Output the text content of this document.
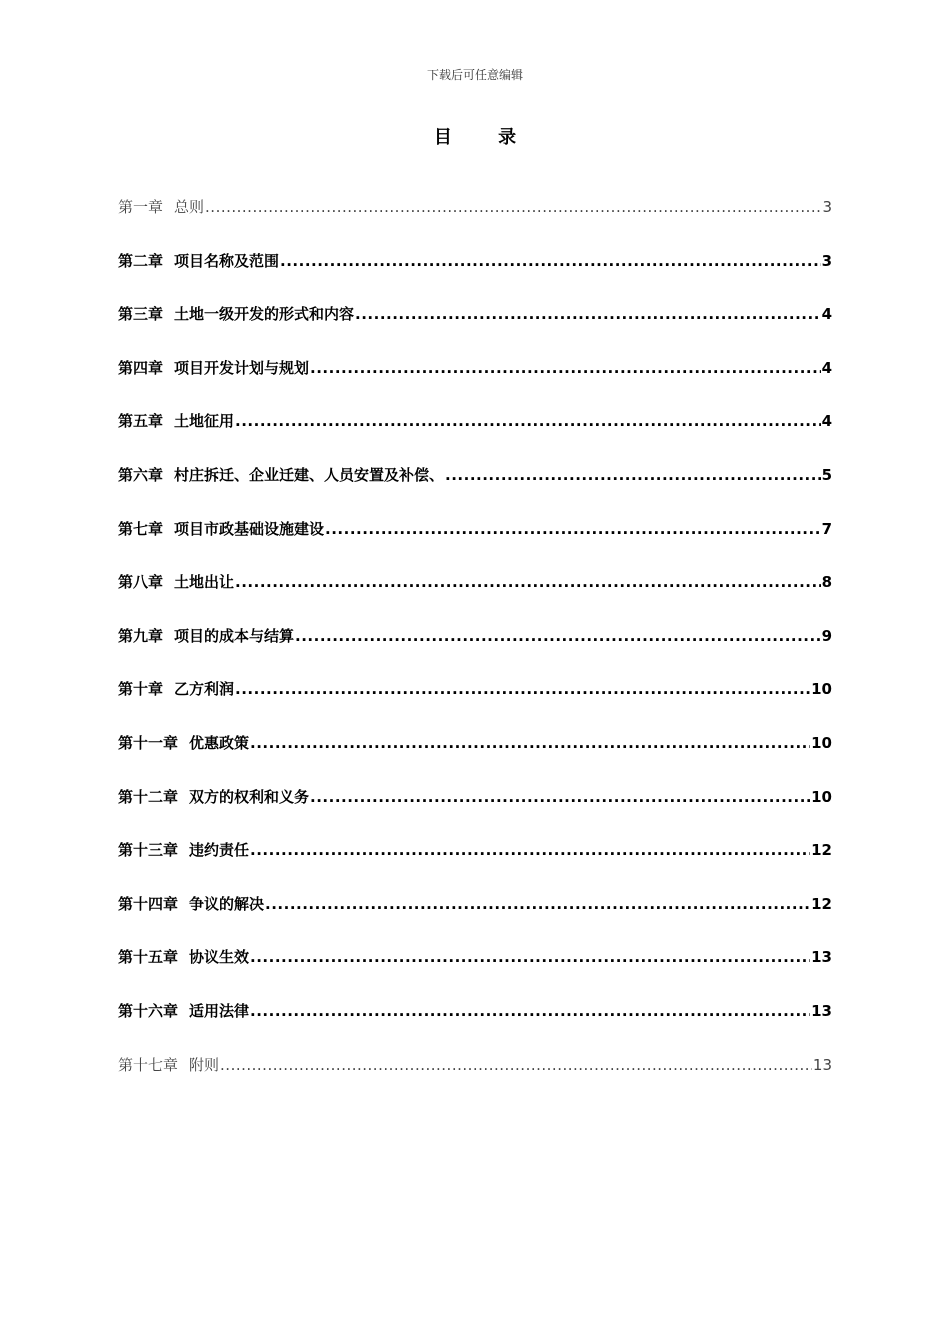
下载后可任意编辑
目 录
第一章 总则 .....	3
第二章 项目名称及范围 .....	3
第三章 土地一级开发的形式和内容 .....	4
第四章 项目开发计划与规划 .....	4
第五章 土地征用 .....	4
第六章 村庄拆迁、企业迁建、人员安置及补偿、 .....	5
第七章 项目市政基础设施建设 .....	7
第八章 土地出让 .....	8
第九章 项目的成本与结算 .....	9
第十章 乙方利润 .....	10
第十一章 优惠政策 .....	10
第十二章 双方的权利和义务 .....	10
第十三章 违约责任 .....	12
第十四章 争议的解决 .....	12
第十五章 协议生效 .....	13
第十六章 适用法律 .....	13
第十七章 附则 .....	13
